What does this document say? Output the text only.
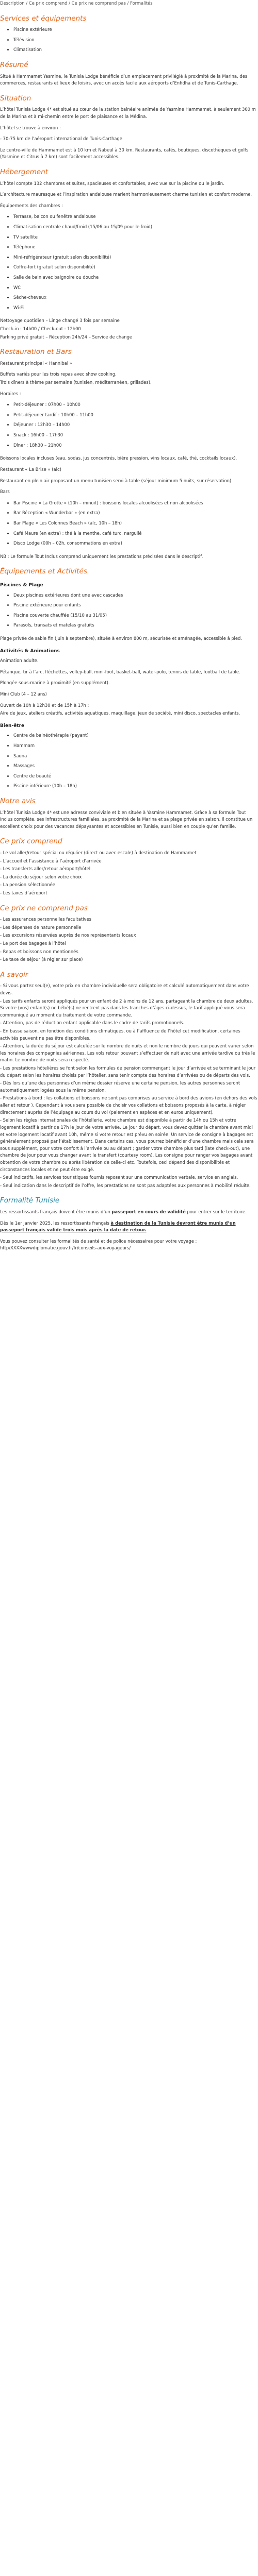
Description / Ce prix comprend / Ce prix ne comprend pas / Formalités
Services et équipements
• Piscine extérieure
• Télévision
• Climatisation
Résumé

Situé à Hammamet Yasmine, le Tunisia Lodge bénéficie d’un emplacement privilégié à proximité de la Marina, des commerces, restaurants et lieux de loisirs, avec un accès facile aux aéroports d’Enfidha et de Tunis-Carthage.

Situation

L’hôtel Tunisia Lodge 4* est situé au cœur de la station balnéaire animée de Yasmine Hammamet, à seulement 300 m de la Marina et à mi-chemin entre le port de plaisance et la Médina.

L’hôtel se trouve à environ :

- 70-75 km de l’aéroport international de Tunis-Carthage

Le centre-ville de Hammamet est à 10 km et Nabeul à 30 km. Restaurants, cafés, boutiques, discothèques et golfs (Yasmine et Citrus à 7 km) sont facilement accessibles.

Hébergement

L’hôtel compte 132 chambres et suites, spacieuses et confortables, avec vue sur la piscine ou le jardin.

L’architecture mauresque et l’inspiration andalouse marient harmonieusement charme tunisien et confort moderne.

Équipements des chambres :

• Terrasse, balcon ou fenêtre andalouse
• Climatisation centrale chaud/froid (15/06 au 15/09 pour le froid)
• TV satellite
• Téléphone
• Mini-réfrigérateur (gratuit selon disponibilité)
• Coffre-fort (gratuit selon disponibilité)
• Salle de bain avec baignoire ou douche
• WC
• Sèche-cheveux
• Wi-Fi

Nettoyage quotidien – Linge changé 3 fois par semaine

Check-in : 14h00 / Check-out : 12h00

Parking privé gratuit – Réception 24h/24 – Service de change

Restauration et Bars

Restaurant principal « Hannibal »

Buffets variés pour les trois repas avec show cooking.

Trois dîners à thème par semaine (tunisien, méditerranéen, grillades).

Horaires :

• Petit-déjeuner : 07h00 – 10h00
• Petit-déjeuner tardif : 10h00 – 11h00
• Déjeuner : 12h30 – 14h00
• Snack : 16h00 – 17h30
• Dîner : 18h30 – 21h00

Boissons locales incluses (eau, sodas, jus concentrés, bière pression, vins locaux, café, thé, cocktails locaux).

Restaurant « La Brise » (alc)

Restaurant en plein air proposant un menu tunisien servi à table (séjour minimum 5 nuits, sur réservation).

Bars

• Bar Piscine « La Grotte » (10h – minuit) : boissons locales alcoolisées et non alcoolisées
• Bar Réception « Wunderbar » (en extra)
• Bar Plage « Les Colonnes Beach » (alc, 10h – 18h)
• Café Maure (en extra) : thé à la menthe, café turc, narguilé
• Disco Lodge (00h – 02h, consommations en extra)

NB : Le formule Tout Inclus comprend uniquement les prestations précisées dans le descriptif.

Équipements et Activités
Piscines & Plage
• Deux piscines extérieures dont une avec cascades
• Piscine extérieure pour enfants
• Piscine couverte chauffée (15/10 au 31/05)
• Parasols, transats et matelas gratuits

Plage privée de sable fin (juin à septembre), située à environ 800 m, sécurisée et aménagée, accessible à pied.

Activités & Animations

Animation adulte.

Pétanque, tir à l’arc, fléchettes, volley-ball, mini-foot, basket-ball, water-polo, tennis de table, football de table.

Plongée sous-marine à proximité (en supplément).

Mini Club (4 – 12 ans)

Ouvert de 10h à 12h30 et de 15h à 17h :

Aire de jeux, ateliers créatifs, activités aquatiques, maquillage, jeux de société, mini disco, spectacles enfants.

Bien-être
• Centre de balnéothérapie (payant)
• Hammam
• Sauna
• Massages
• Centre de beauté
• Piscine intérieure (10h – 18h)
Notre avis

L’hôtel Tunisia Lodge 4* est une adresse conviviale et bien située à Yasmine Hammamet. Grâce à sa formule Tout Inclus complète, ses infrastructures familiales, sa proximité de la Marina et sa plage privée en saison, il constitue un excellent choix pour des vacances dépaysantes et accessibles en Tunisie, aussi bien en couple qu’en famille.

Ce prix comprend

- Le vol aller/retour spécial ou régulier (direct ou avec escale) à destination de Hammamet

- L’accueil et l’assistance à l’aéroport d’arrivée

- Les transferts aller/retour aéroport/hôtel

- La durée du séjour selon votre choix

- La pension sélectionnée

- Les taxes d’aéroport

Ce prix ne comprend pas

- Les assurances personnelles facultatives

- Les dépenses de nature personnelle

- Les excursions réservées auprès de nos représentants locaux

- Le port des bagages à l’hôtel

- Repas et boissons non mentionnés

- Le taxe de séjour (à régler sur place)

A savoir

- Si vous partez seul(e), votre prix en chambre individuelle sera obligatoire et calculé automatiquement dans votre devis.

- Les tarifs enfants seront appliqués pour un enfant de 2 à moins de 12 ans, partageant la chambre de deux adultes. Si votre (vos) enfant(s) ne bébé(s) ne rentrent pas dans les tranches d’âges ci-dessus, le tarif appliqué vous sera communiqué au moment du traitement de votre commande.

- Attention, pas de réduction enfant applicable dans le cadre de tarifs promotionnels.

- En basse saison, en fonction des conditions climatiques, ou à l’affluence de l’hôtel cet modification, certaines activités peuvent ne pas être disponibles.

- Attention, la durée du séjour est calculée sur le nombre de nuits et non le nombre de jours qui peuvent varier selon les horaires des compagnies aériennes. Les vols retour pouvant s’effectuer de nuit avec une arrivée tardive ou très le matin. Le nombre de nuits sera respecté.

- Les prestations hôtelières se font selon les formules de pension commençant le jour d’arrivée et se terminant le jour du départ selon les horaires choisis par l’hôtelier, sans tenir compte des horaires d’arrivées ou de départs des vols.

- Dès lors qu’une des personnes d’un même dossier réserve une certaine pension, les autres personnes seront automatiquement logées sous la même pension.

- Prestations à bord : les collations et boissons ne sont pas comprises au service à bord des avions (en dehors des vols aller et retour ). Cependant à vous sera possible de choisir vos collations et boissons proposés à la carte, à régler directement auprès de l’équipage au cours du vol (paiement en espèces et en euros uniquement).

- Selon les règles internationales de l’hôtellerie, votre chambre est disponible à partir de 14h ou 15h et votre logement locatif à partir de 17h le jour de votre arrivée. Le jour du départ, vous devez quitter la chambre avant midi et votre logement locatif avant 10h, même si votre retour est prévu en soirée. Un service de consigne à bagages est généralement proposé par l’établissement. Dans certains cas, vous pourrez bénéficier d’une chambre mais cela sera sous supplément, pour votre confort à l’arrivée ou au départ ; garder votre chambre plus tard (late check-out), une chambre de jour pour vous changer avant le transfert (courtesy room). Les consigne pour ranger vos bagages avant obtention de votre chambre ou après libération de celle-ci etc. Toutefois, ceci dépend des disponibilités et circonstances locales et ne peut être exigé.

- Seul indicatifs, les services touristiques fournis reposent sur une communication verbale, service en anglais.

- Seul indication dans le descriptif de l’offre, les prestations ne sont pas adaptées aux personnes à mobilité réduite.

Formalité Tunisie

Les ressortissants français doivent être munis d’un passeport en cours de validité pour entrer sur le territoire.

Dès le 1er janvier 2025, les ressortissants français à destination de la Tunisie devront être munis d’un passeport français valide trois mois après la date de retour.

Vous pouvez consulter les formalités de santé et de police nécessaires pour votre voyage : http/XXXXwwwdiplomatie.gouv.fr/fr/conseils-aux-voyageurs/
